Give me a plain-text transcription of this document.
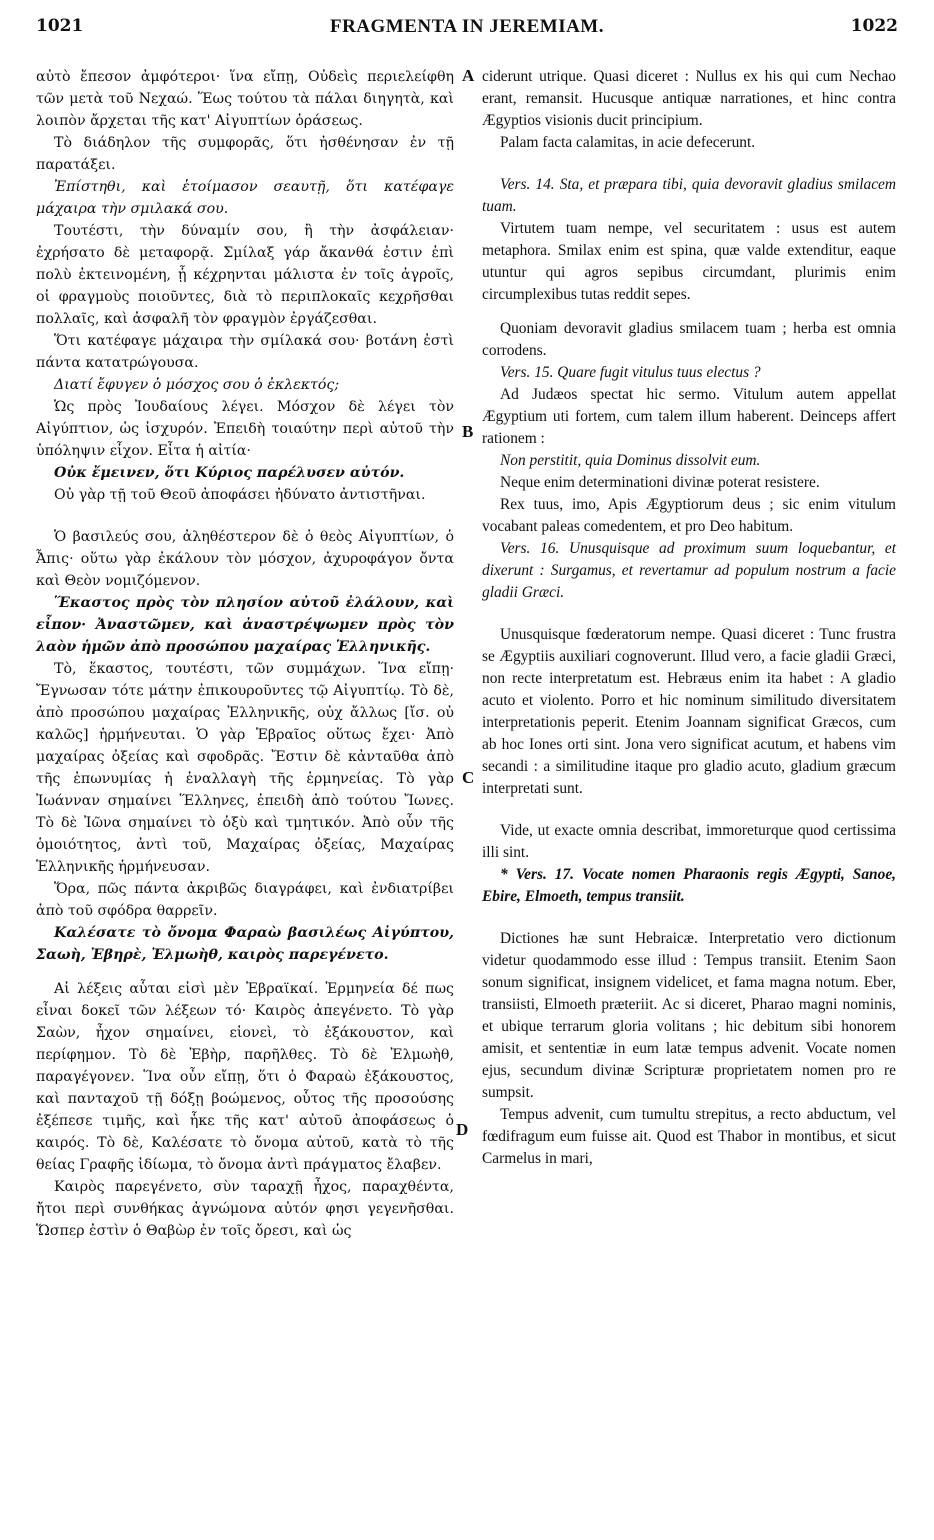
1021	FRAGMENTA IN JEREMIAM.	1022
A
B
C
D

αὐτὸ ἔπεσον ἀμφότεροι· ἵνα εἴπῃ, Οὐδεὶς περιελείφθη τῶν μετὰ τοῦ Νεχαώ. Ἕως τούτου τὰ πάλαι διηγητὰ, καὶ λοιπὸν ἄρχεται τῆς κατ' Αἰγυπτίων ὁράσεως.

Τὸ διάδηλον τῆς συμφορᾶς, ὅτι ἠσθένησαν ἐν τῇ παρατάξει.

Ἐπίστηθι, καὶ ἑτοίμασον σεαυτῇ, ὅτι κατέφαγε μάχαιρα τὴν σμιλακά σου.

Τουτέστι, τὴν δύναμίν σου, ἢ τὴν ἀσφάλειαν· ἐχρήσατο δὲ μεταφορᾷ. Σμίλαξ γάρ ἄκανθά ἐστιν ἐπὶ πολὺ ἐκτεινομένη, ᾗ κέχρηνται μάλιστα ἐν τοῖς ἀγροῖς, οἱ φραγμοὺς ποιοῦντες, διὰ τὸ περιπλοκαῖς κεχρῆσθαι πολλαῖς, καὶ ἀσφαλῆ τὸν φραγμὸν ἐργάζεσθαι.

Ὅτι κατέφαγε μάχαιρα τὴν σμίλακά σου· βοτάνη ἐστὶ πάντα κατατρώγουσα.

Διατί ἔφυγεν ὁ μόσχος σου ὁ ἐκλεκτός;

Ὡς πρὸς Ἰουδαίους λέγει. Μόσχον δὲ λέγει τὸν Αἰγύπτιον, ὡς ἰσχυρόν. Ἐπειδὴ τοιαύτην περὶ αὐτοῦ τὴν ὑπόληψιν εἶχον. Εἶτα ἡ αἰτία·

Οὐκ ἔμεινεν, ὅτι Κύριος παρέλυσεν αὐτόν.

Οὐ γὰρ τῇ τοῦ Θεοῦ ἀποφάσει ἠδύνατο ἀντιστῆναι.

Ὁ βασιλεύς σου, ἀληθέστερον δὲ ὁ θεὸς Αἰγυπτίων, ὁ Ἆπις· οὕτω γὰρ ἐκάλουν τὸν μόσχον, ἀχυροφάγον ὄντα καὶ Θεὸν νομιζόμενον.

Ἕκαστος πρὸς τὸν πλησίον αὐτοῦ ἐλάλουν, καὶ εἶπον· Ἀναστῶμεν, καὶ ἀναστρέψωμεν πρὸς τὸν λαὸν ἡμῶν ἀπὸ προσώπου μαχαίρας Ἑλληνικῆς.

Τὸ, ἕκαστος, τουτέστι, τῶν συμμάχων. Ἵνα εἴπῃ· Ἔγνωσαν τότε μάτην ἐπικουροῦντες τῷ Αἰγυπτίῳ. Τὸ δὲ, ἀπὸ προσώπου μαχαίρας Ἑλληνικῆς, οὐχ ἄλλως [ἴσ. οὐ καλῶς] ἡρμήνευται. Ὁ γὰρ Ἑβραῖος οὕτως ἔχει· Ἀπὸ μαχαίρας ὀξείας καὶ σφοδρᾶς. Ἔστιν δὲ κἀνταῦθα ἀπὸ τῆς ἐπωνυμίας ἡ ἐναλλαγὴ τῆς ἑρμηνείας. Τὸ γὰρ Ἰωάνναν σημαίνει Ἕλληνες, ἐπειδὴ ἀπὸ τούτου Ἴωνες. Τὸ δὲ Ἰῶνα σημαίνει τὸ ὀξὺ καὶ τμητικόν. Ἀπὸ οὖν τῆς ὁμοιότητος, ἀντὶ τοῦ, Μαχαίρας ὀξείας, Μαχαίρας Ἑλληνικῆς ἡρμήνευσαν.

Ὅρα, πῶς πάντα ἀκριβῶς διαγράφει, καὶ ἐνδιατρίβει ἀπὸ τοῦ σφόδρα θαρρεῖν.

Καλέσατε τὸ ὄνομα Φαραὼ βασιλέως Αἰγύπτου, Σαωὴ, Ἐβηρὲ, Ἐλμωὴθ, καιρὸς παρεγένετο.

Αἱ λέξεις αὗται εἰσὶ μὲν Ἑβραϊκαί. Ἑρμηνεία δέ πως εἶναι δοκεῖ τῶν λέξεων τό· Καιρὸς ἀπεγένετο. Τὸ γὰρ Σαὼν, ἦχον σημαίνει, εἰονεὶ, τὸ ἐξάκουστον, καὶ περίφημον. Τὸ δὲ Ἐβὴρ, παρῆλθες. Τὸ δὲ Ἐλμωὴθ, παραγέγονεν. Ἵνα οὖν εἴπῃ, ὅτι ὁ Φαραὼ ἐξάκουστος, καὶ πανταχοῦ τῇ δόξῃ βοώμενος, οὗτος τῆς προσούσης ἐξέπεσε τιμῆς, καὶ ἧκε τῆς κατ' αὐτοῦ ἀποφάσεως ὁ καιρός. Τὸ δὲ, Καλέσατε τὸ ὄνομα αὐτοῦ, κατὰ τὸ τῆς θείας Γραφῆς ἰδίωμα, τὸ ὄνομα ἀντὶ πράγματος ἔλαβεν.

Καιρὸς παρεγένετο, σὺν ταραχῇ ἦχος, παραχθέντα, ἤτοι περὶ συνθήκας ἀγνώμονα αὐτόν φησι γεγενῆσθαι. Ὥσπερ ἐστὶν ὁ Θαβὼρ ἐν τοῖς ὄρεσι, καὶ ὡς

ciderunt utrique. Quasi diceret : Nullus ex his qui cum Nechao erant, remansit. Hucusque antiquæ narrationes, et hinc contra Ægyptios visionis ducit principium.

Palam facta calamitas, in acie defecerunt.

Vers. 14. Sta, et præpara tibi, quia devoravit gladius smilacem tuam.

Virtutem tuam nempe, vel securitatem : usus est autem metaphora. Smilax enim est spina, quæ valde extenditur, eaque utuntur qui agros sepibus circumdant, plurimis enim circumplexibus tutas reddit sepes.

Quoniam devoravit gladius smilacem tuam ; herba est omnia corrodens.

Vers. 15. Quare fugit vitulus tuus electus ?

Ad Judæos spectat hic sermo. Vitulum autem appellat Ægyptium uti fortem, cum talem illum haberent. Deinceps affert rationem :

Non perstitit, quia Dominus dissolvit eum.

Neque enim determinationi divinæ poterat resistere.

Rex tuus, imo, Apis Ægyptiorum deus ; sic enim vitulum vocabant paleas comedentem, et pro Deo habitum.

Vers. 16. Unusquisque ad proximum suum loquebantur, et dixerunt : Surgamus, et revertamur ad populum nostrum a facie gladii Græci.

Unusquisque fœderatorum nempe. Quasi diceret : Tunc frustra se Ægyptiis auxiliari cognoverunt. Illud vero, a facie gladii Græci, non recte interpretatum est. Hebræus enim ita habet : A gladio acuto et violento. Porro et hic nominum similitudo diversitatem interpretationis peperit. Etenim Joannam significat Græcos, cum ab hoc Iones orti sint. Jona vero significat acutum, et habens vim secandi : a similitudine itaque pro gladio acuto, gladium græcum interpretati sunt.

Vide, ut exacte omnia describat, immoreturque quod certissima illi sint.

* Vers. 17. Vocate nomen Pharaonis regis Ægypti, Sanoe, Ebire, Elmoeth, tempus transiit.

Dictiones hæ sunt Hebraicæ. Interpretatio vero dictionum videtur quodammodo esse illud : Tempus transiit. Etenim Saon sonum significat, insignem videlicet, et fama magna notum. Eber, transiisti, Elmoeth præteriit. Ac si diceret, Pharao magni nominis, et ubique terrarum gloria volitans ; hic debitum sibi honorem amisit, et sententiæ in eum latæ tempus advenit. Vocate nomen ejus, secundum divinæ Scripturæ proprietatem nomen pro re sumpsit.

Tempus advenit, cum tumultu strepitus, a recto abductum, vel fœdifragum eum fuisse ait. Quod est Thabor in montibus, et sicut Carmelus in mari,
